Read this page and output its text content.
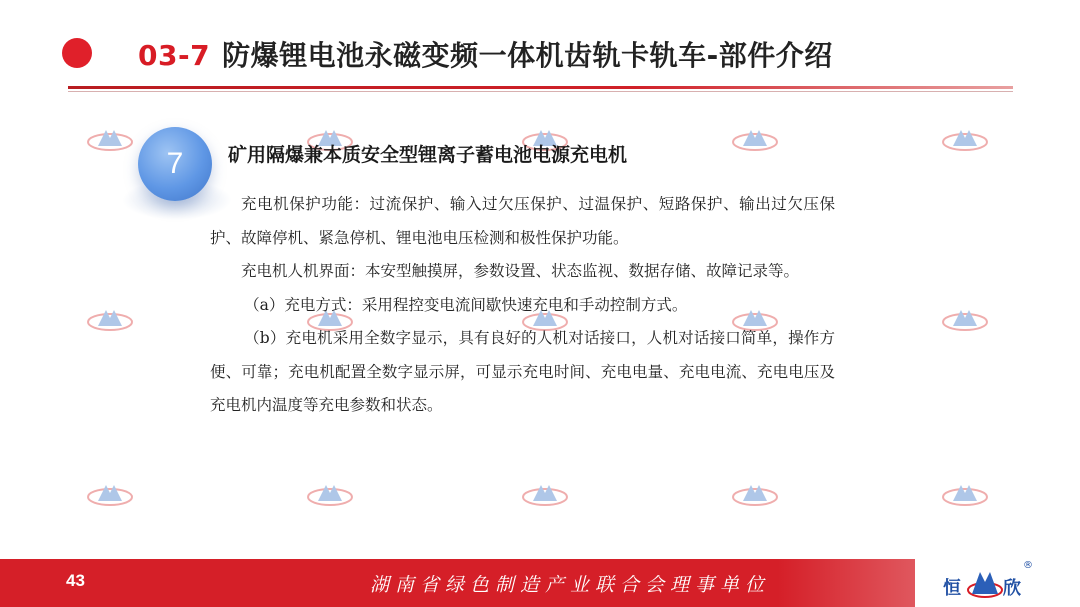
03-7 防爆锂电池永磁变频一体机齿轨卡轨车-部件介绍
7	矿用隔爆兼本质安全型锂离子蓄电池电源充电机

充电机保护功能：过流保护、输入过欠压保护、过温保护、短路保护、输出过欠压保护、故障停机、紧急停机、锂电池电压检测和极性保护功能。

充电机人机界面：本安型触摸屏，参数设置、状态监视、数据存储、故障记录等。

（a）充电方式：采用程控变电流间歇快速充电和手动控制方式。

（b）充电机采用全数字显示，具有良好的人机对话接口，人机对话接口简单，操作方便、可靠；充电机配置全数字显示屏，可显示充电时间、充电电量、充电电流、充电电压及充电机内温度等充电参数和状态。

43	湖南省绿色制造产业联合会理事单位	恒 欣
®
